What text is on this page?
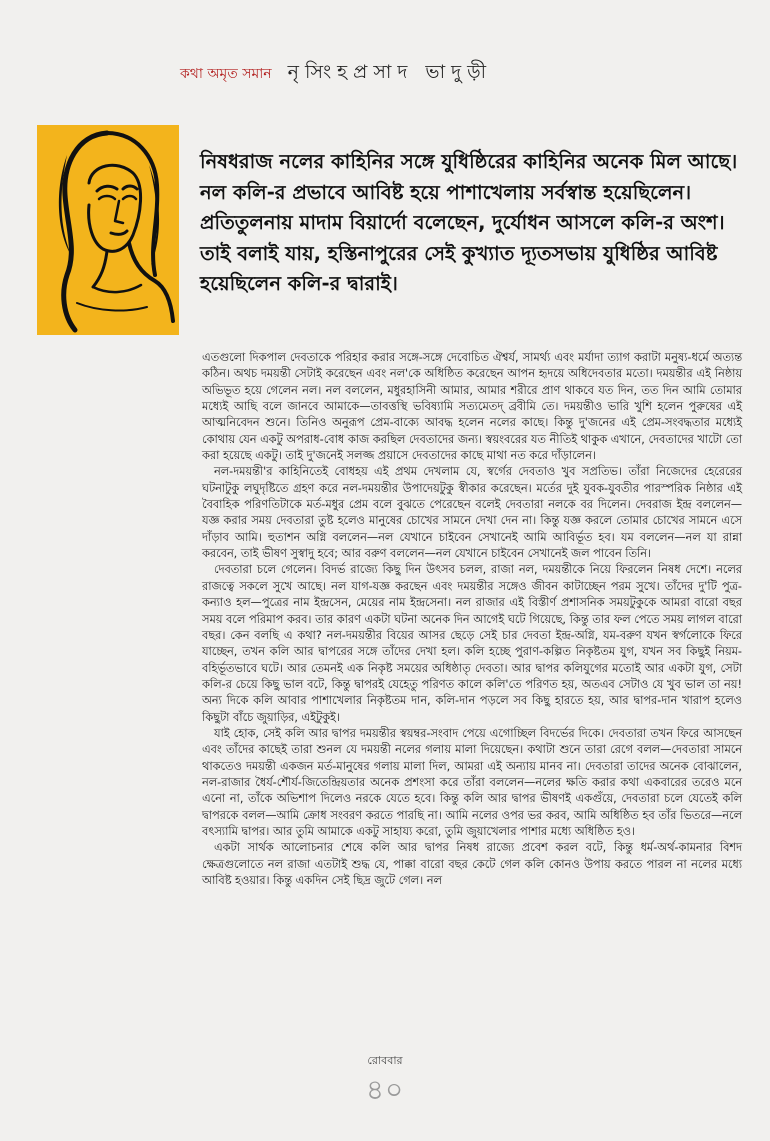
কথা অমৃত সমান নৃসিংহপ্রসাদ ভাদুড়ী

নিষধরাজ নলের কাহিনির সঙ্গে যুধিষ্ঠিরের কাহিনির অনেক মিল আছে। নল কলি-র প্রভাবে আবিষ্ট হয়ে পাশাখেলায় সর্বস্বান্ত হয়েছিলেন। প্রতিতুলনায় মাদাম বিয়ার্দো বলেছেন, দুর্যোধন আসলে কলি-র অংশ। তাই বলাই যায়, হস্তিনাপুরের সেই কুখ্যাত দ্যূতসভায় যুধিষ্ঠির আবিষ্ট হয়েছিলেন কলি-র দ্বারাই।

এতগুলো দিকপাল দেবতাকে পরিহার করার সঙ্গে-সঙ্গে দেবোচিত ঐশ্বর্য, সামর্থ্য এবং মর্যাদা ত্যাগ করাটা মনুষ্য-ধর্মে অত্যন্ত কঠিন। অথচ দময়ন্তী সেটাই করেছেন এবং নল'কে অধিষ্ঠিত করেছেন আপন হৃদয়ে অধিদেবতার মতো। দময়ন্তীর এই নিষ্ঠায় অভিভূত হয়ে গেলেন নল। নল বললেন, মধুরহাসিনী আমার, আমার শরীরে প্রাণ থাকবে যত দিন, তত দিন আমি তোমার মধ্যেই আছি বলে জানবে আমাকে—তাবত্তস্থি ভবিষ্যামি সত্যমেতদ্ ব্রবীমি তে। দময়ন্তীও ভারি খুশি হলেন পুরুষের এই আত্মনিবেদন শুনে। তিনিও অনুরূপ প্রেম-বাক্যে আবদ্ধ হলেন নলের কাছে। কিন্তু দু'জনের এই প্রেম-সংবদ্ধতার মধ্যেই কোথায় যেন একটু অপরাধ-বোধ কাজ করছিল দেবতাদের জন্য। স্বয়ংবরের যত নীতিই থাকুক এখানে, দেবতাদের খাটো তো করা হয়েছে একটু। তাই দু'জনেই সলজ্জ প্রয়াসে দেবতাদের কাছে মাথা নত করে দাঁড়ালেন।

নল-দময়ন্তী'র কাহিনিতেই বোধহয় এই প্রথম দেখলাম যে, স্বর্গের দেবতাও খুব সপ্রতিভ। তাঁরা নিজেদের হেরেরের ঘটনাটুকু লঘুদৃষ্টিতে গ্রহণ করে নল-দময়ন্তীর উপাদেয়টুকু স্বীকার করেছেন। মর্তের দুই যুবক-যুবতীর পারস্পরিক নিষ্ঠার এই বৈবাহিক পরিণতিটাকে মর্ত-মধুর প্রেম বলে বুঝতে পেরেছেন বলেই দেবতারা নলকে বর দিলেন। দেবরাজ ইন্দ্র বললেন—যজ্ঞ করার সময় দেবতারা তুষ্ট হলেও মানুষের চোখের সামনে দেখা দেন না। কিন্তু যজ্ঞ করলে তোমার চোখের সামনে এসে দাঁড়াব আমি। হুতাশন অগ্নি বললেন—নল যেখানে চাইবেন সেখানেই আমি আবির্ভূত হব। যম বললেন—নল যা রান্না করবেন, তাই ভীষণ সুস্বাদু হবে; আর বরুণ বললেন—নল যেখানে চাইবেন সেখানেই জল পাবেন তিনি।

দেবতারা চলে গেলেন। বিদর্ভ রাজ্যে কিছু দিন উৎসব চলল, রাজা নল, দময়ন্তীকে নিয়ে ফিরলেন নিষধ দেশে। নলের রাজত্বে সকলে সুখে আছে। নল যাগ-যজ্ঞ করছেন এবং দময়ন্তীর সঙ্গেও জীবন কাটাচ্ছেন পরম সুখে। তাঁদের দু'টি পুত্র-কন্যাও হল—পুত্রের নাম ইন্দ্রসেন, মেয়ের নাম ইন্দ্রসেনা। নল রাজার এই বিস্তীর্ণ প্রশাসনিক সময়টুকুকে আমরা বারো বছর সময় বলে পরিমাপ করব। তার কারণ একটা ঘটনা অনেক দিন আগেই ঘটে গিয়েছে, কিন্তু তার ফল পেতে সময় লাগল বারো বছর। কেন বলছি এ কথা? নল-দময়ন্তীর বিয়ের আসর ছেড়ে সেই চার দেবতা ইন্দ্র-অগ্নি, যম-বরুণ যখন স্বর্গলোকে ফিরে যাচ্ছেন, তখন কলি আর দ্বাপরের সঙ্গে তাঁদের দেখা হল। কলি হচ্ছে পুরাণ-কল্পিত নিকৃষ্টতম যুগ, যখন সব কিছুই নিয়ম-বহির্ভূতভাবে ঘটে। আর তেমনই এক নিকৃষ্ট সময়ের অধিষ্ঠাতৃ দেবতা। আর দ্বাপর কলিযুগের মতোই আর একটা যুগ, সেটা কলি-র চেয়ে কিছু ভাল বটে, কিন্তু দ্বাপরই যেহেতু পরিণত কালে কলি'তে পরিণত হয়, অতএব সেটাও যে খুব ভাল তা নয়! অন্য দিকে কলি আবার পাশাখেলার নিকৃষ্টতম দান, কলি-দান পড়লে সব কিছু হারতে হয়, আর দ্বাপর-দান খারাপ হলেও কিছুটা বাঁচে জুয়াড়ির, এইটুকুই।

যাই হোক, সেই কলি আর দ্বাপর দময়ন্তীর স্বয়ম্বর-সংবাদ পেয়ে এগোচ্ছিল বিদর্ভের দিকে। দেবতারা তখন ফিরে আসছেন এবং তাঁদের কাছেই তারা শুনল যে দময়ন্তী নলের গলায় মালা দিয়েছেন। কথাটা শুনে তারা রেগে বলল—দেবতারা সামনে থাকতেও দময়ন্তী একজন মর্ত-মানুষের গলায় মালা দিল, আমরা এই অন্যায় মানব না। দেবতারা তাদের অনেক বোঝালেন, নল-রাজার ধৈর্য-শৌর্য-জিতেন্দ্রিয়তার অনেক প্রশংসা করে তাঁরা বললেন—নলের ক্ষতি করার কথা একবারের তরেও মনে এনো না, তাঁকে অভিশাপ দিলেও নরকে যেতে হবে। কিন্তু কলি আর দ্বাপর ভীষণই একগুঁয়ে, দেবতারা চলে যেতেই কলি দ্বাপরকে বলল—আমি ক্রোধ সংবরণ করতে পারছি না। আমি নলের ওপর ভর করব, আমি অধিষ্ঠিত হব তাঁর ভিতরে—নলে বৎস্যামি দ্বাপর। আর তুমি আমাকে একটু সাহায্য করো, তুমি জুয়াখেলার পাশার মধ্যে অধিষ্ঠিত হও।

একটা সার্থক আলোচনার শেষে কলি আর দ্বাপর নিষধ রাজ্যে প্রবেশ করল বটে, কিন্তু ধর্ম-অর্থ-কামনার বিশদ ক্ষেত্রগুলোতে নল রাজা এতটাই শুদ্ধ যে, পাক্কা বারো বছর কেটে গেল কলি কোনও উপায় করতে পারল না নলের মধ্যে আবিষ্ট হওয়ার। কিন্তু একদিন সেই ছিদ্র জুটে গেল। নল

রোববার
৪০
